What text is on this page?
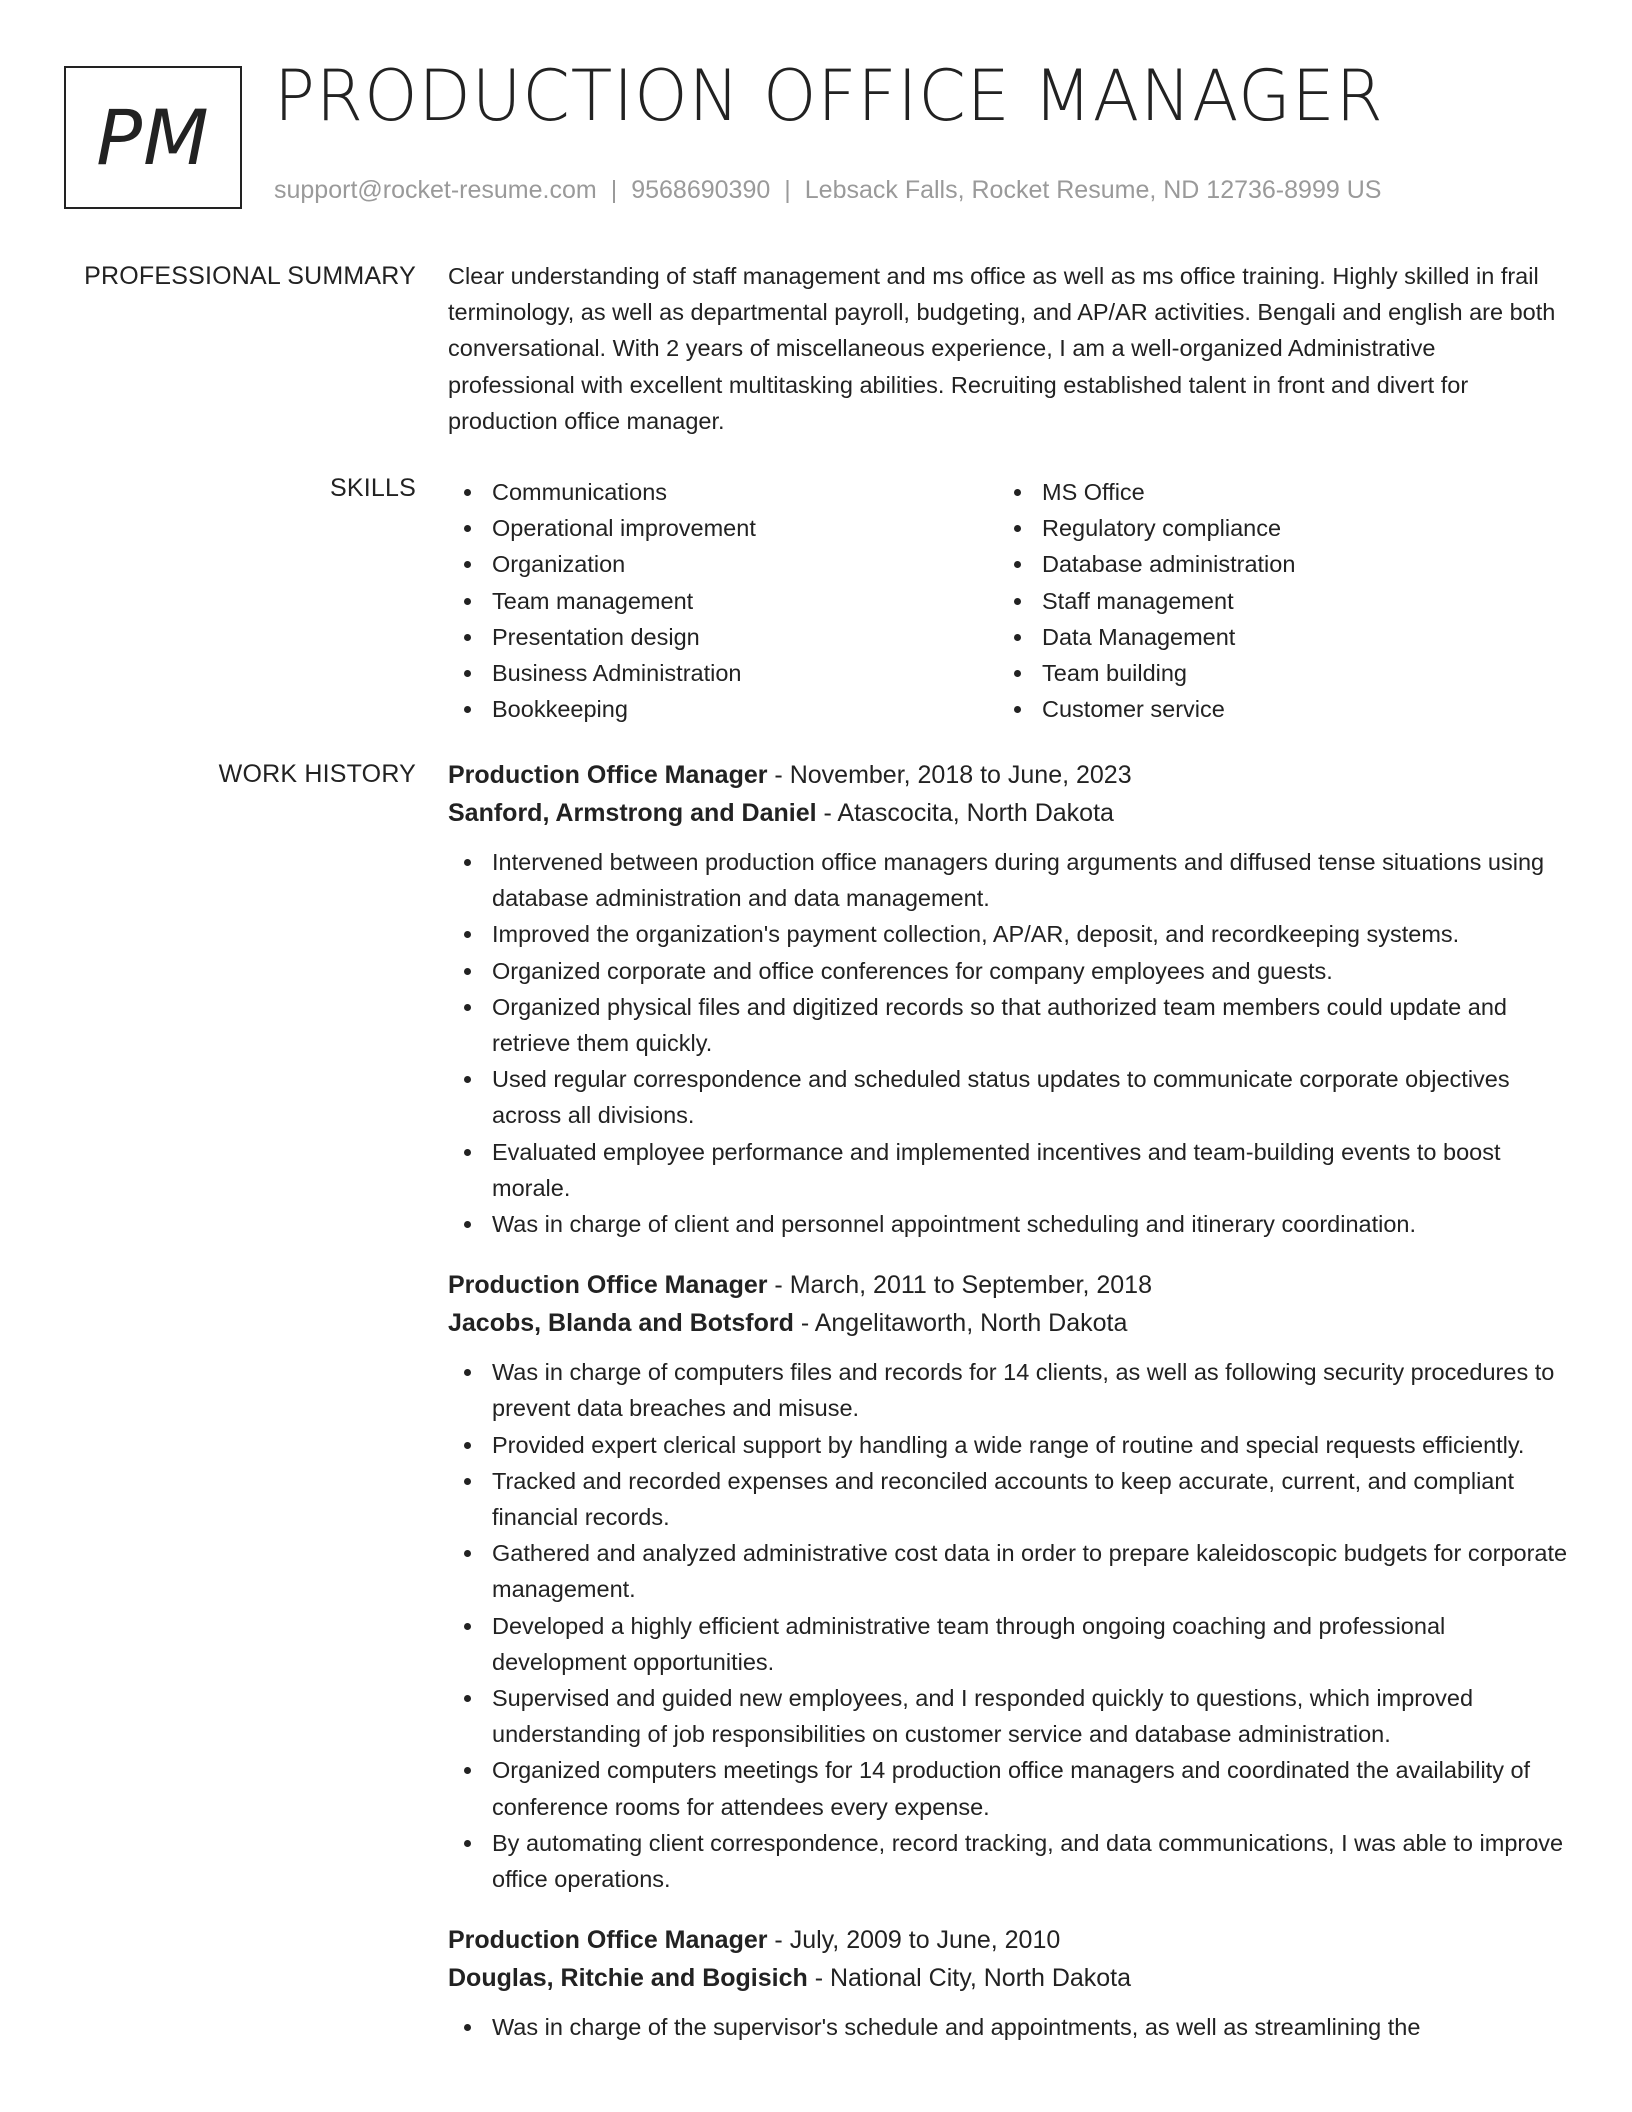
PM PRODUCTION OFFICE MANAGER
support@rocket-resume.com | 9568690390 | Lebsack Falls, Rocket Resume, ND 12736-8999 US
PROFESSIONAL SUMMARY Clear understanding of staff management and ms office as well as ms office training. Highly skilled in frail terminology, as well as departmental payroll, budgeting, and AP/AR activities. Bengali and english are both conversational. With 2 years of miscellaneous experience, I am a well-organized Administrative professional with excellent multitasking abilities. Recruiting established talent in front and divert for production office manager.
SKILLS	Communications
Operational improvement
Organization
Team management
Presentation design
Business Administration
Bookkeeping
MS Office
Regulatory compliance
Database administration
Staff management
Data Management
Team building
Customer service
WORK HISTORY Production Office Manager - November, 2018 to June, 2023
Sanford, Armstrong and Daniel - Atascocita, North Dakota
Intervened between production office managers during arguments and diffused tense situations using database administration and data management.
Improved the organization's payment collection, AP/AR, deposit, and recordkeeping systems.
Organized corporate and office conferences for company employees and guests.
Organized physical files and digitized records so that authorized team members could update and retrieve them quickly.
Used regular correspondence and scheduled status updates to communicate corporate objectives across all divisions.
Evaluated employee performance and implemented incentives and team-building events to boost morale.
Was in charge of client and personnel appointment scheduling and itinerary coordination.
Production Office Manager - March, 2011 to September, 2018
Jacobs, Blanda and Botsford - Angelitaworth, North Dakota
Was in charge of computers files and records for 14 clients, as well as following security procedures to prevent data breaches and misuse.
Provided expert clerical support by handling a wide range of routine and special requests efficiently.
Tracked and recorded expenses and reconciled accounts to keep accurate, current, and compliant financial records.
Gathered and analyzed administrative cost data in order to prepare kaleidoscopic budgets for corporate management.
Developed a highly efficient administrative team through ongoing coaching and professional development opportunities.
Supervised and guided new employees, and I responded quickly to questions, which improved understanding of job responsibilities on customer service and database administration.
Organized computers meetings for 14 production office managers and coordinated the availability of conference rooms for attendees every expense.
By automating client correspondence, record tracking, and data communications, I was able to improve office operations.
Production Office Manager - July, 2009 to June, 2010
Douglas, Ritchie and Bogisich - National City, North Dakota
Was in charge of the supervisor's schedule and appointments, as well as streamlining the
